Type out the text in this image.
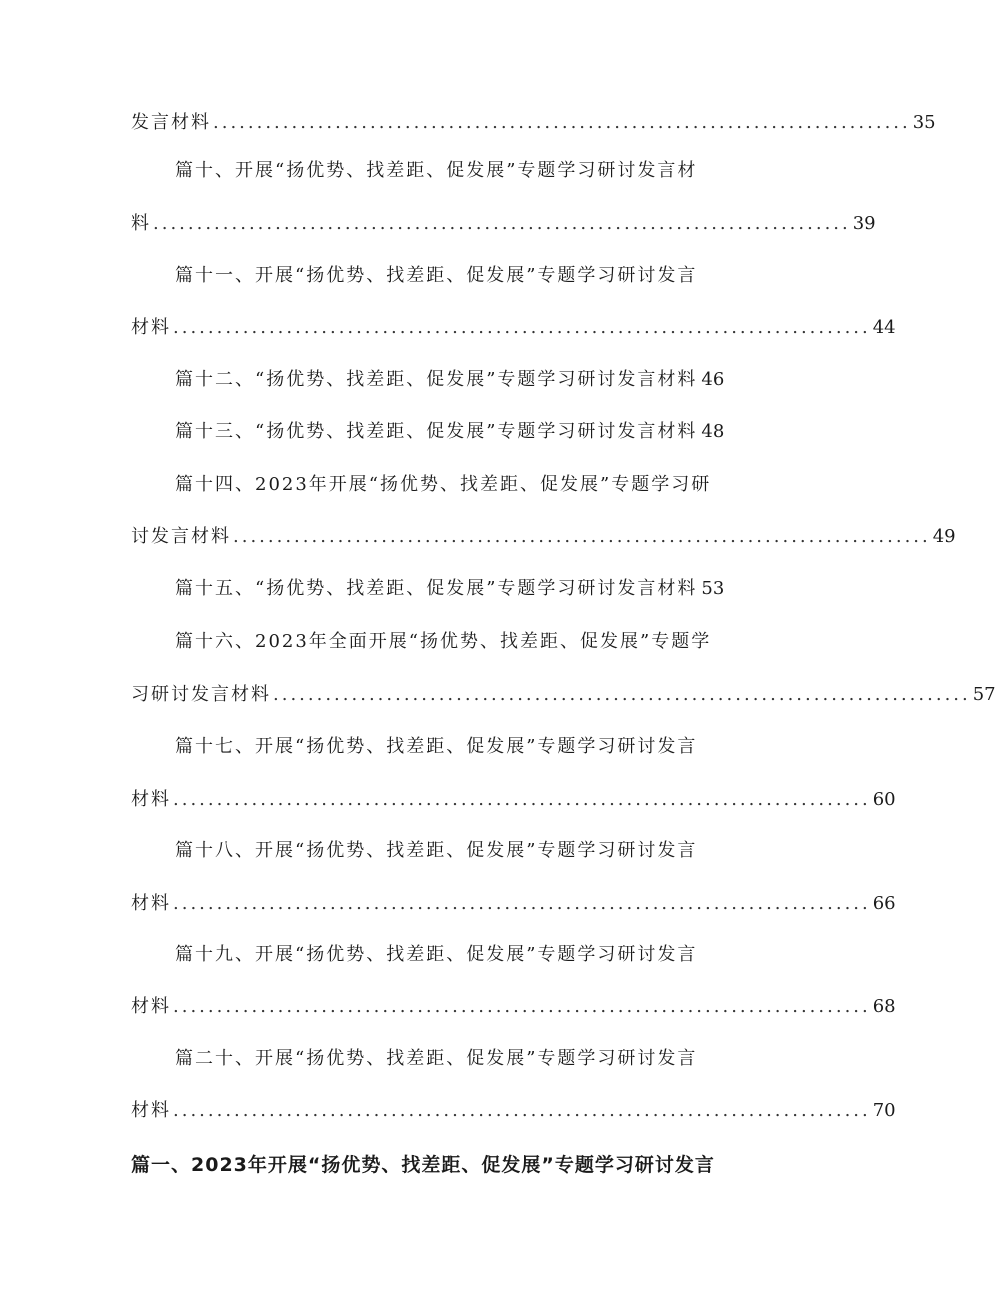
发言材料 ................................................................................ 35
篇十、开展“扬优势、找差距、促发展”专题学习研讨发言材
料 ................................................................................ 39
篇十一、开展“扬优势、找差距、促发展”专题学习研讨发言
材料 ................................................................................ 44
篇十二、“扬优势、找差距、促发展”专题学习研讨发言材料 46
篇十三、“扬优势、找差距、促发展”专题学习研讨发言材料 48
篇十四、2023年开展“扬优势、找差距、促发展”专题学习研
讨发言材料 ................................................................................ 49
篇十五、“扬优势、找差距、促发展”专题学习研讨发言材料 53
篇十六、2023年全面开展“扬优势、找差距、促发展”专题学
习研讨发言材料 ................................................................................ 57
篇十七、开展“扬优势、找差距、促发展”专题学习研讨发言
材料 ................................................................................ 60
篇十八、开展“扬优势、找差距、促发展”专题学习研讨发言
材料 ................................................................................ 66
篇十九、开展“扬优势、找差距、促发展”专题学习研讨发言
材料 ................................................................................ 68
篇二十、开展“扬优势、找差距、促发展”专题学习研讨发言
材料 ................................................................................ 70
篇一、2023年开展“扬优势、找差距、促发展”专题学习研讨发言
